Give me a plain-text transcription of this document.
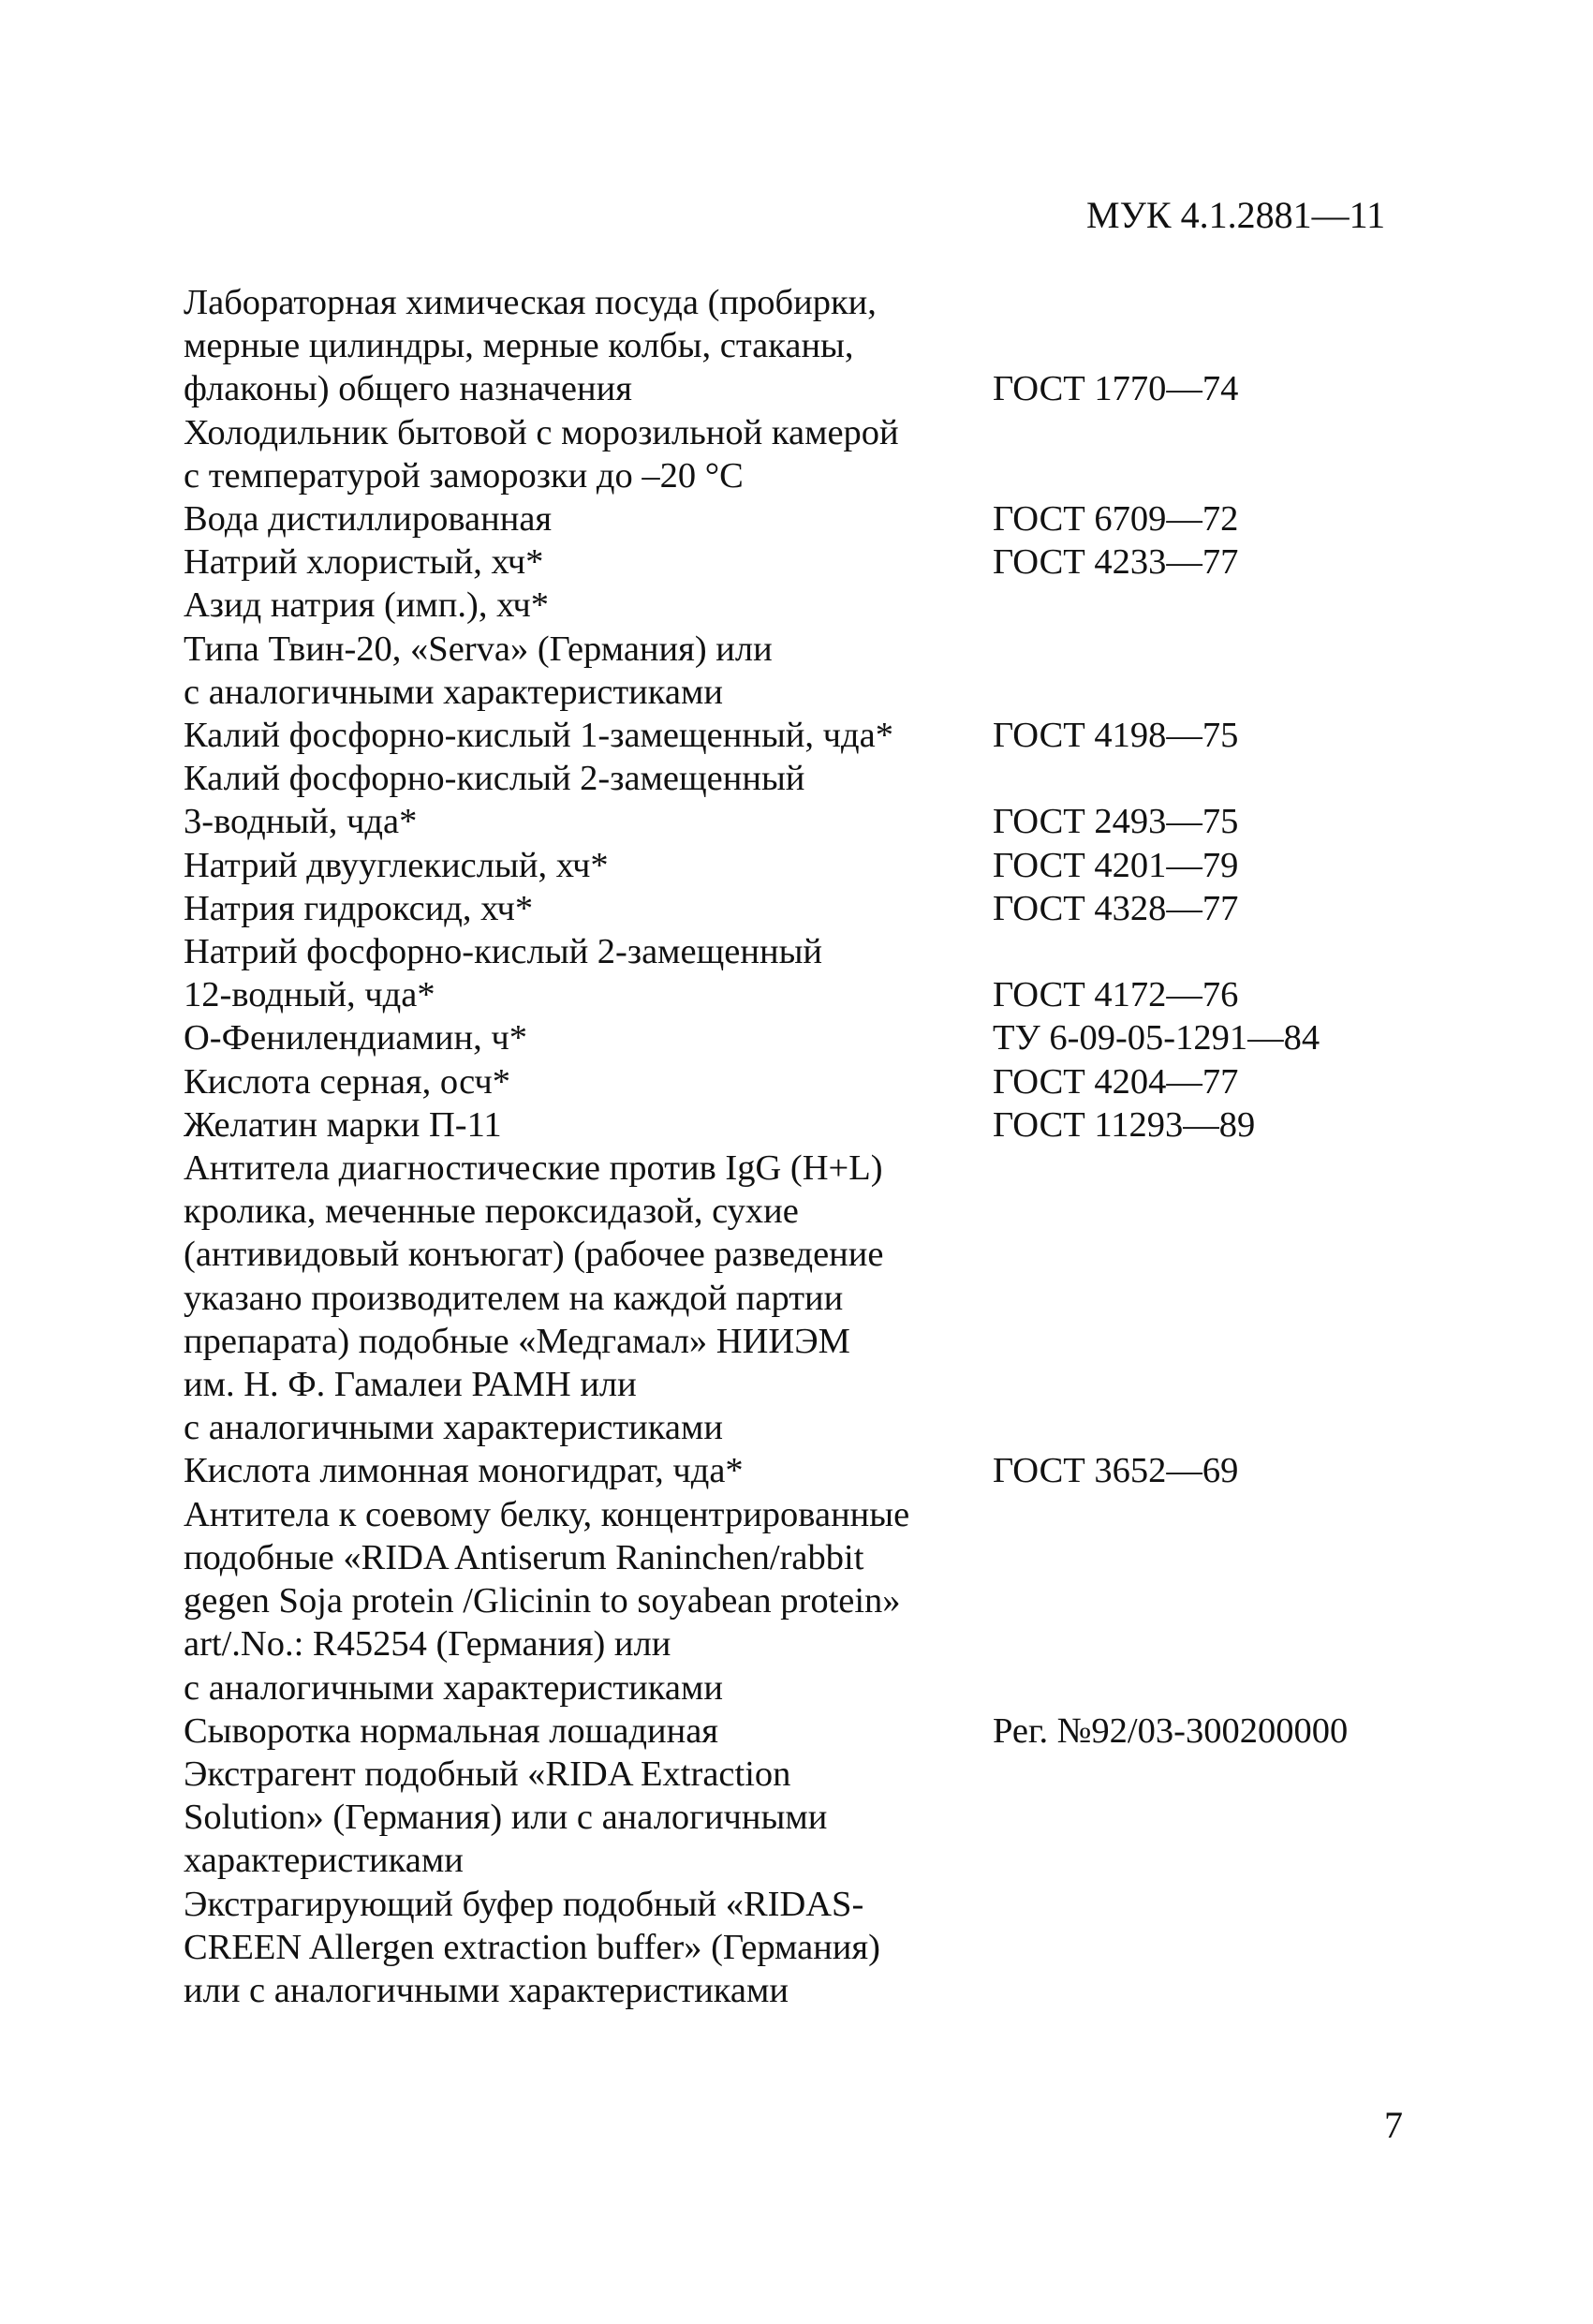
МУК 4.1.2881—11
Лабораторная химическая посуда (пробирки,
мерные цилиндры, мерные колбы, стаканы,
флаконы) общего назначения	ГОСТ 1770—74
Холодильник бытовой с морозильной камерой
с температурой заморозки до –20 °С
Вода дистиллированная	ГОСТ 6709—72
Натрий хлористый, хч*	ГОСТ 4233—77
Азид натрия (имп.), хч*
Типа Твин-20, «Serva» (Германия) или
с аналогичными характеристиками
Калий фосфорно-кислый 1-замещенный, чда*	ГОСТ 4198—75
Калий фосфорно-кислый 2-замещенный
3-водный, чда*	ГОСТ 2493—75
Натрий двууглекислый, хч*	ГОСТ 4201—79
Натрия гидроксид, хч*	ГОСТ 4328—77
Натрий фосфорно-кислый 2-замещенный
12-водный, чда*	ГОСТ 4172—76
О-Фенилендиамин, ч*	ТУ 6-09-05-1291—84
Кислота серная, осч*	ГОСТ 4204—77
Желатин марки П-11	ГОСТ 11293—89
Антитела диагностические против IgG (H+L)
кролика, меченные пероксидазой, сухие
(антивидовый конъюгат) (рабочее разведение
указано производителем на каждой партии
препарата) подобные «Медгамал» НИИЭМ
им. Н. Ф. Гамалеи РАМН или
с аналогичными характеристиками
Кислота лимонная моногидрат, чда*	ГОСТ 3652—69
Антитела к соевому белку, концентрированные
подобные «RIDA Antiserum Raninchen/rabbit
gegen Soja protein /Glicinin to soyabean protein»
art/.No.: R45254 (Германия) или
с аналогичными характеристиками
Сыворотка нормальная лошадиная	Рег. №92/03-300200000
Экстрагент подобный «RIDA Extraction
Solution» (Германия) или с аналогичными
характеристиками
Экстрагирующий буфер подобный «RIDAS-
CREEN Allergen extraction buffer» (Германия)
или с аналогичными характеристиками
7
